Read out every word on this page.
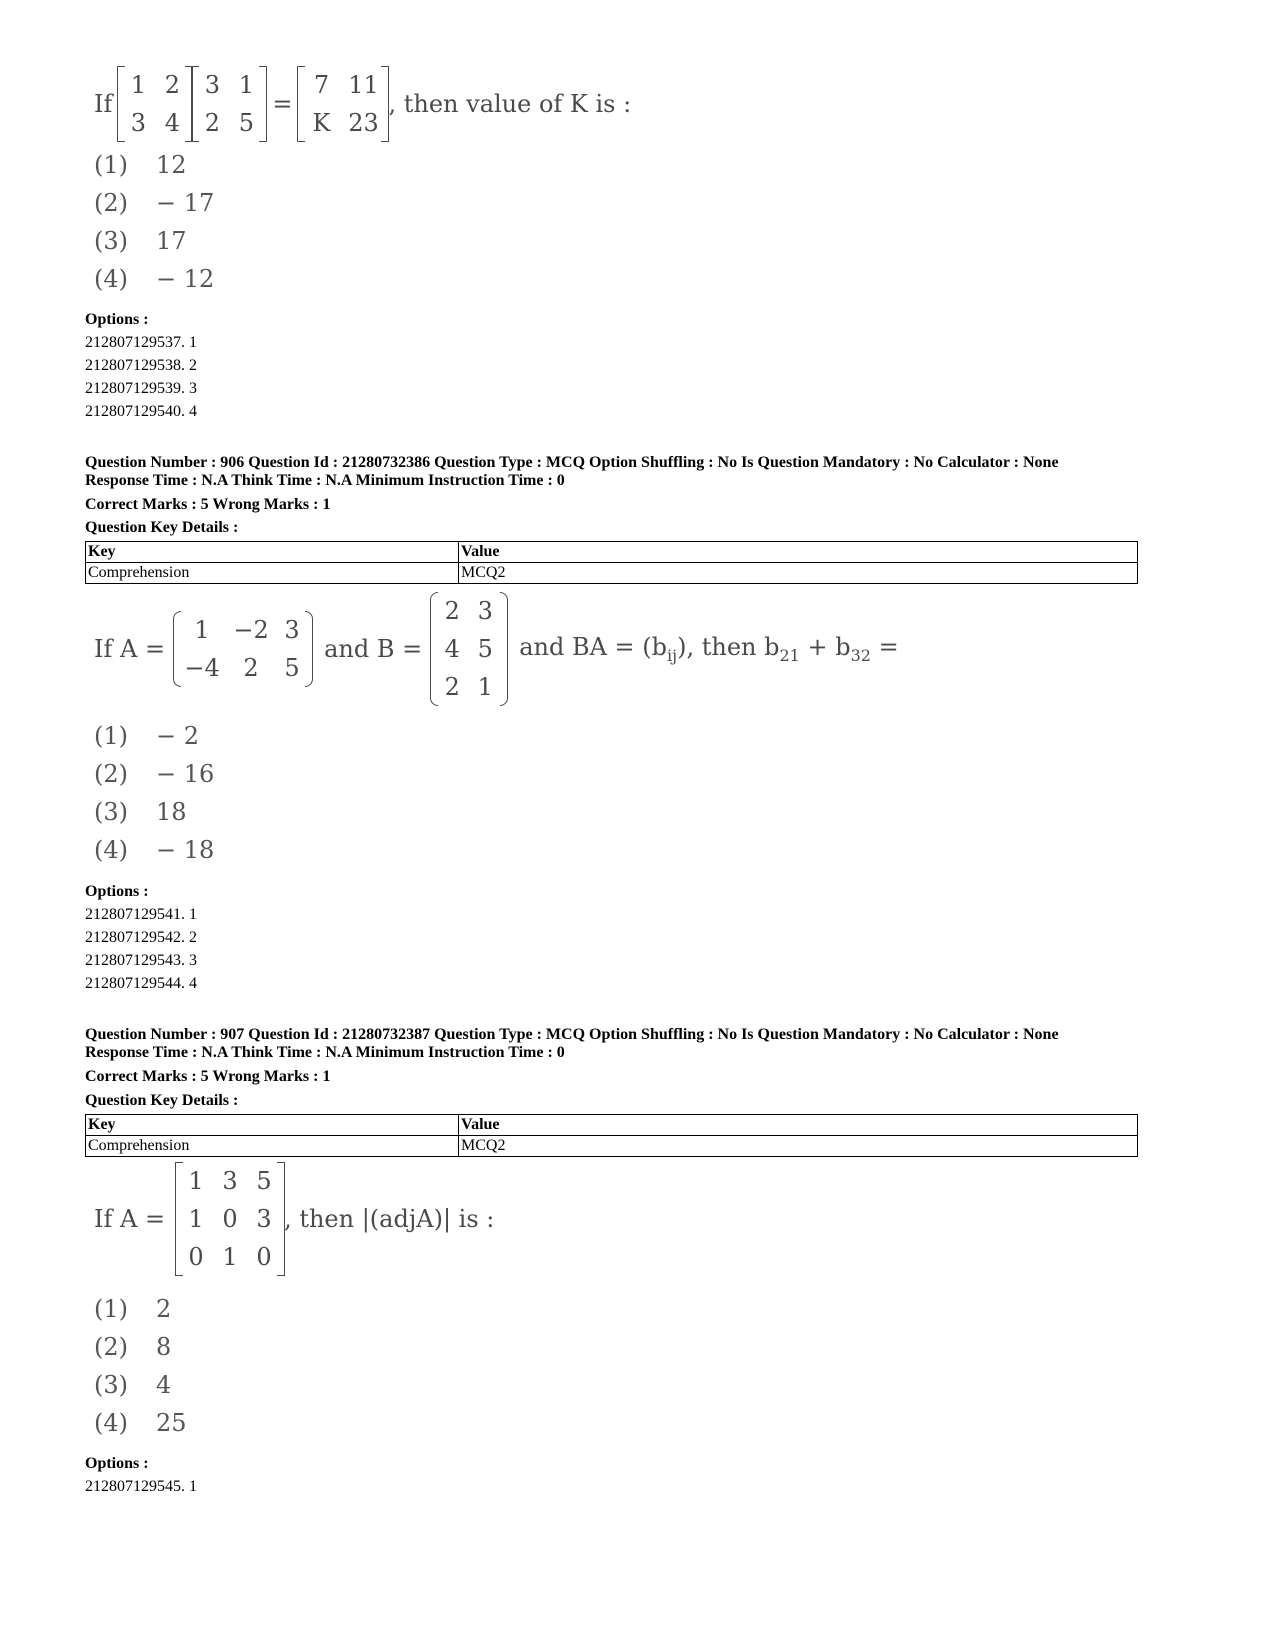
If
1 2
3 4
3 1
2 5
=
7 11
K 23
, then value of K is :
(1)	12
(2)	− 17
(3)	17
(4)	− 12
Options :
212807129537. 1
212807129538. 2
212807129539. 3
212807129540. 4
Question Number : 906 Question Id : 21280732386 Question Type : MCQ Option Shuffling : No Is Question Mandatory : No Calculator : None
Response Time : N.A Think Time : N.A Minimum Instruction Time : 0
Correct Marks : 5 Wrong Marks : 1
Question Key Details :
Key	Value
Comprehension	MCQ2
If A =
1 −2 3
−4 2	5
and B =
2 3
4 5
2 1
and BA = $(b_{ij})$, then $b_{21} + b_{32}$ =
(1)	− 2
(2)	− 16
(3)	18
(4)	− 18
Options :
212807129541. 1
212807129542. 2
212807129543. 3
212807129544. 4
Question Number : 907 Question Id : 21280732387 Question Type : MCQ Option Shuffling : No Is Question Mandatory : No Calculator : None
Response Time : N.A Think Time : N.A Minimum Instruction Time : 0
Correct Marks : 5 Wrong Marks : 1
Question Key Details :
Key	Value
Comprehension	MCQ2
If A =
1 3 5
1 0 3
0 1 0
, then |(adjA)| is :
(1)	2
(2)	8
(3)	4
(4)	25
Options :
212807129545. 1
